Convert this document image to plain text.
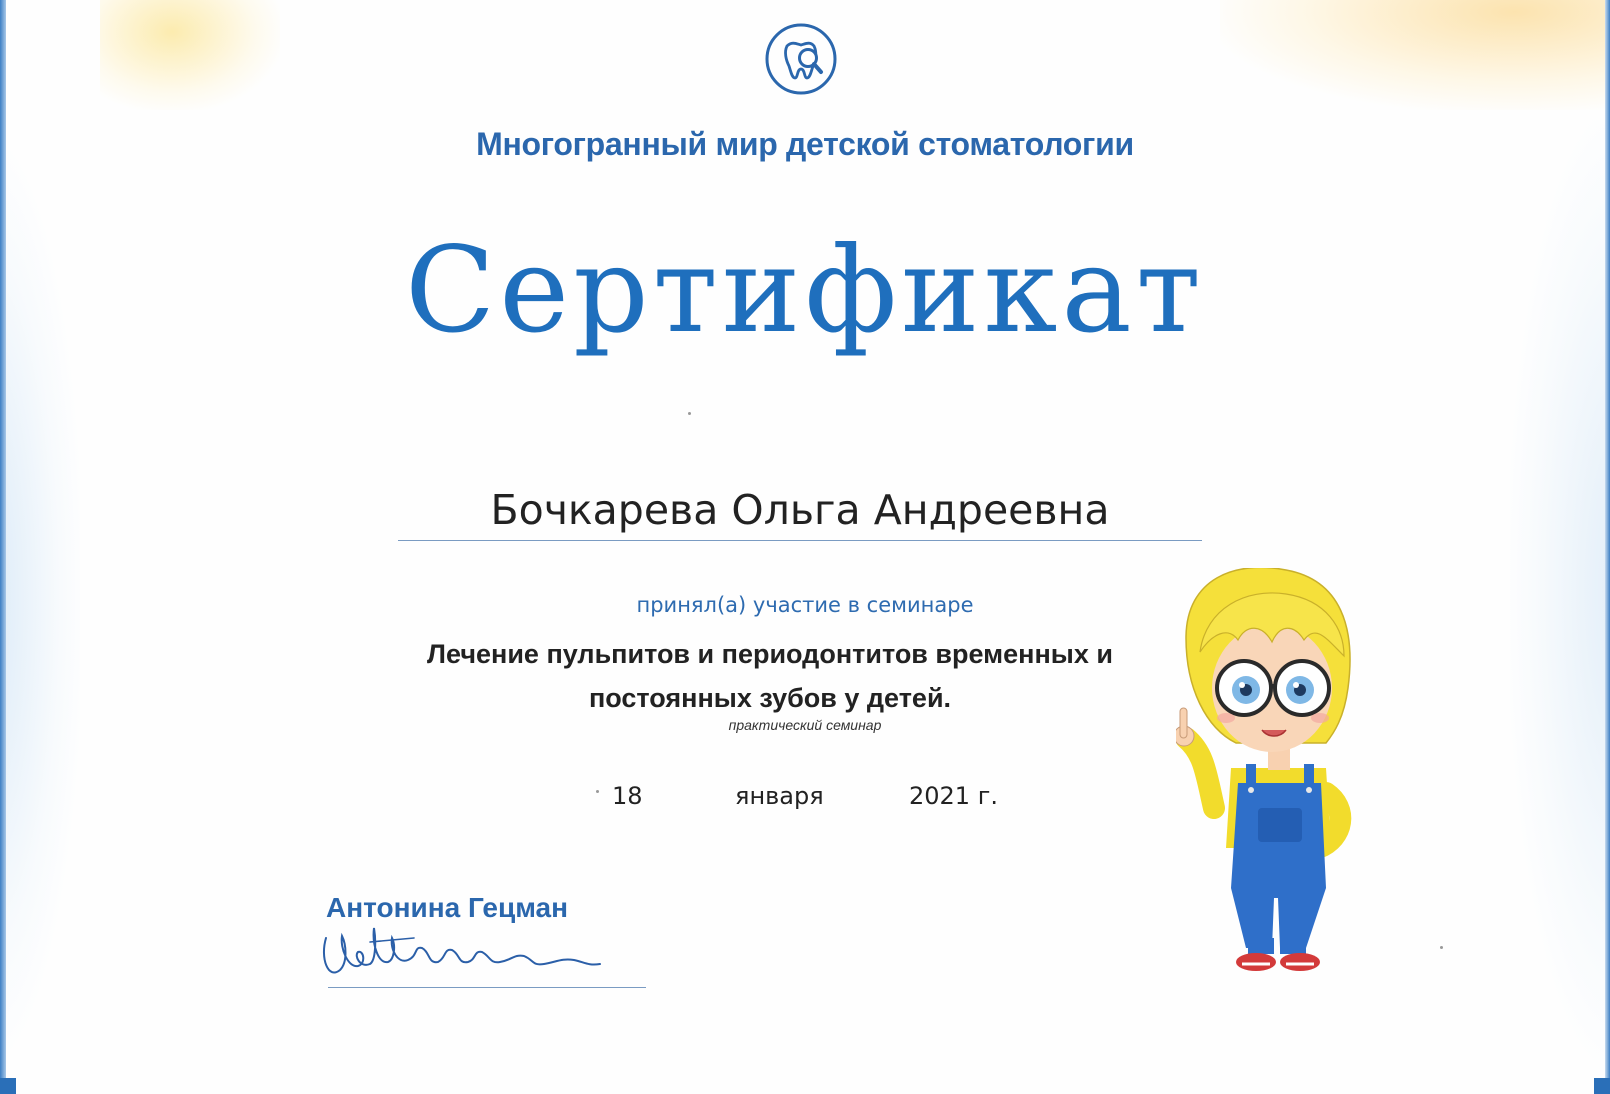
Многогранный мир детской стоматологии
Сертификат
Бочкарева Ольга Андреевна
принял(а) участие в семинаре
Лечение пульпитов и периодонтитов временных и
постоянных зубов у детей.
практический семинар
18	января	2021 г.
Антонина Гецман
